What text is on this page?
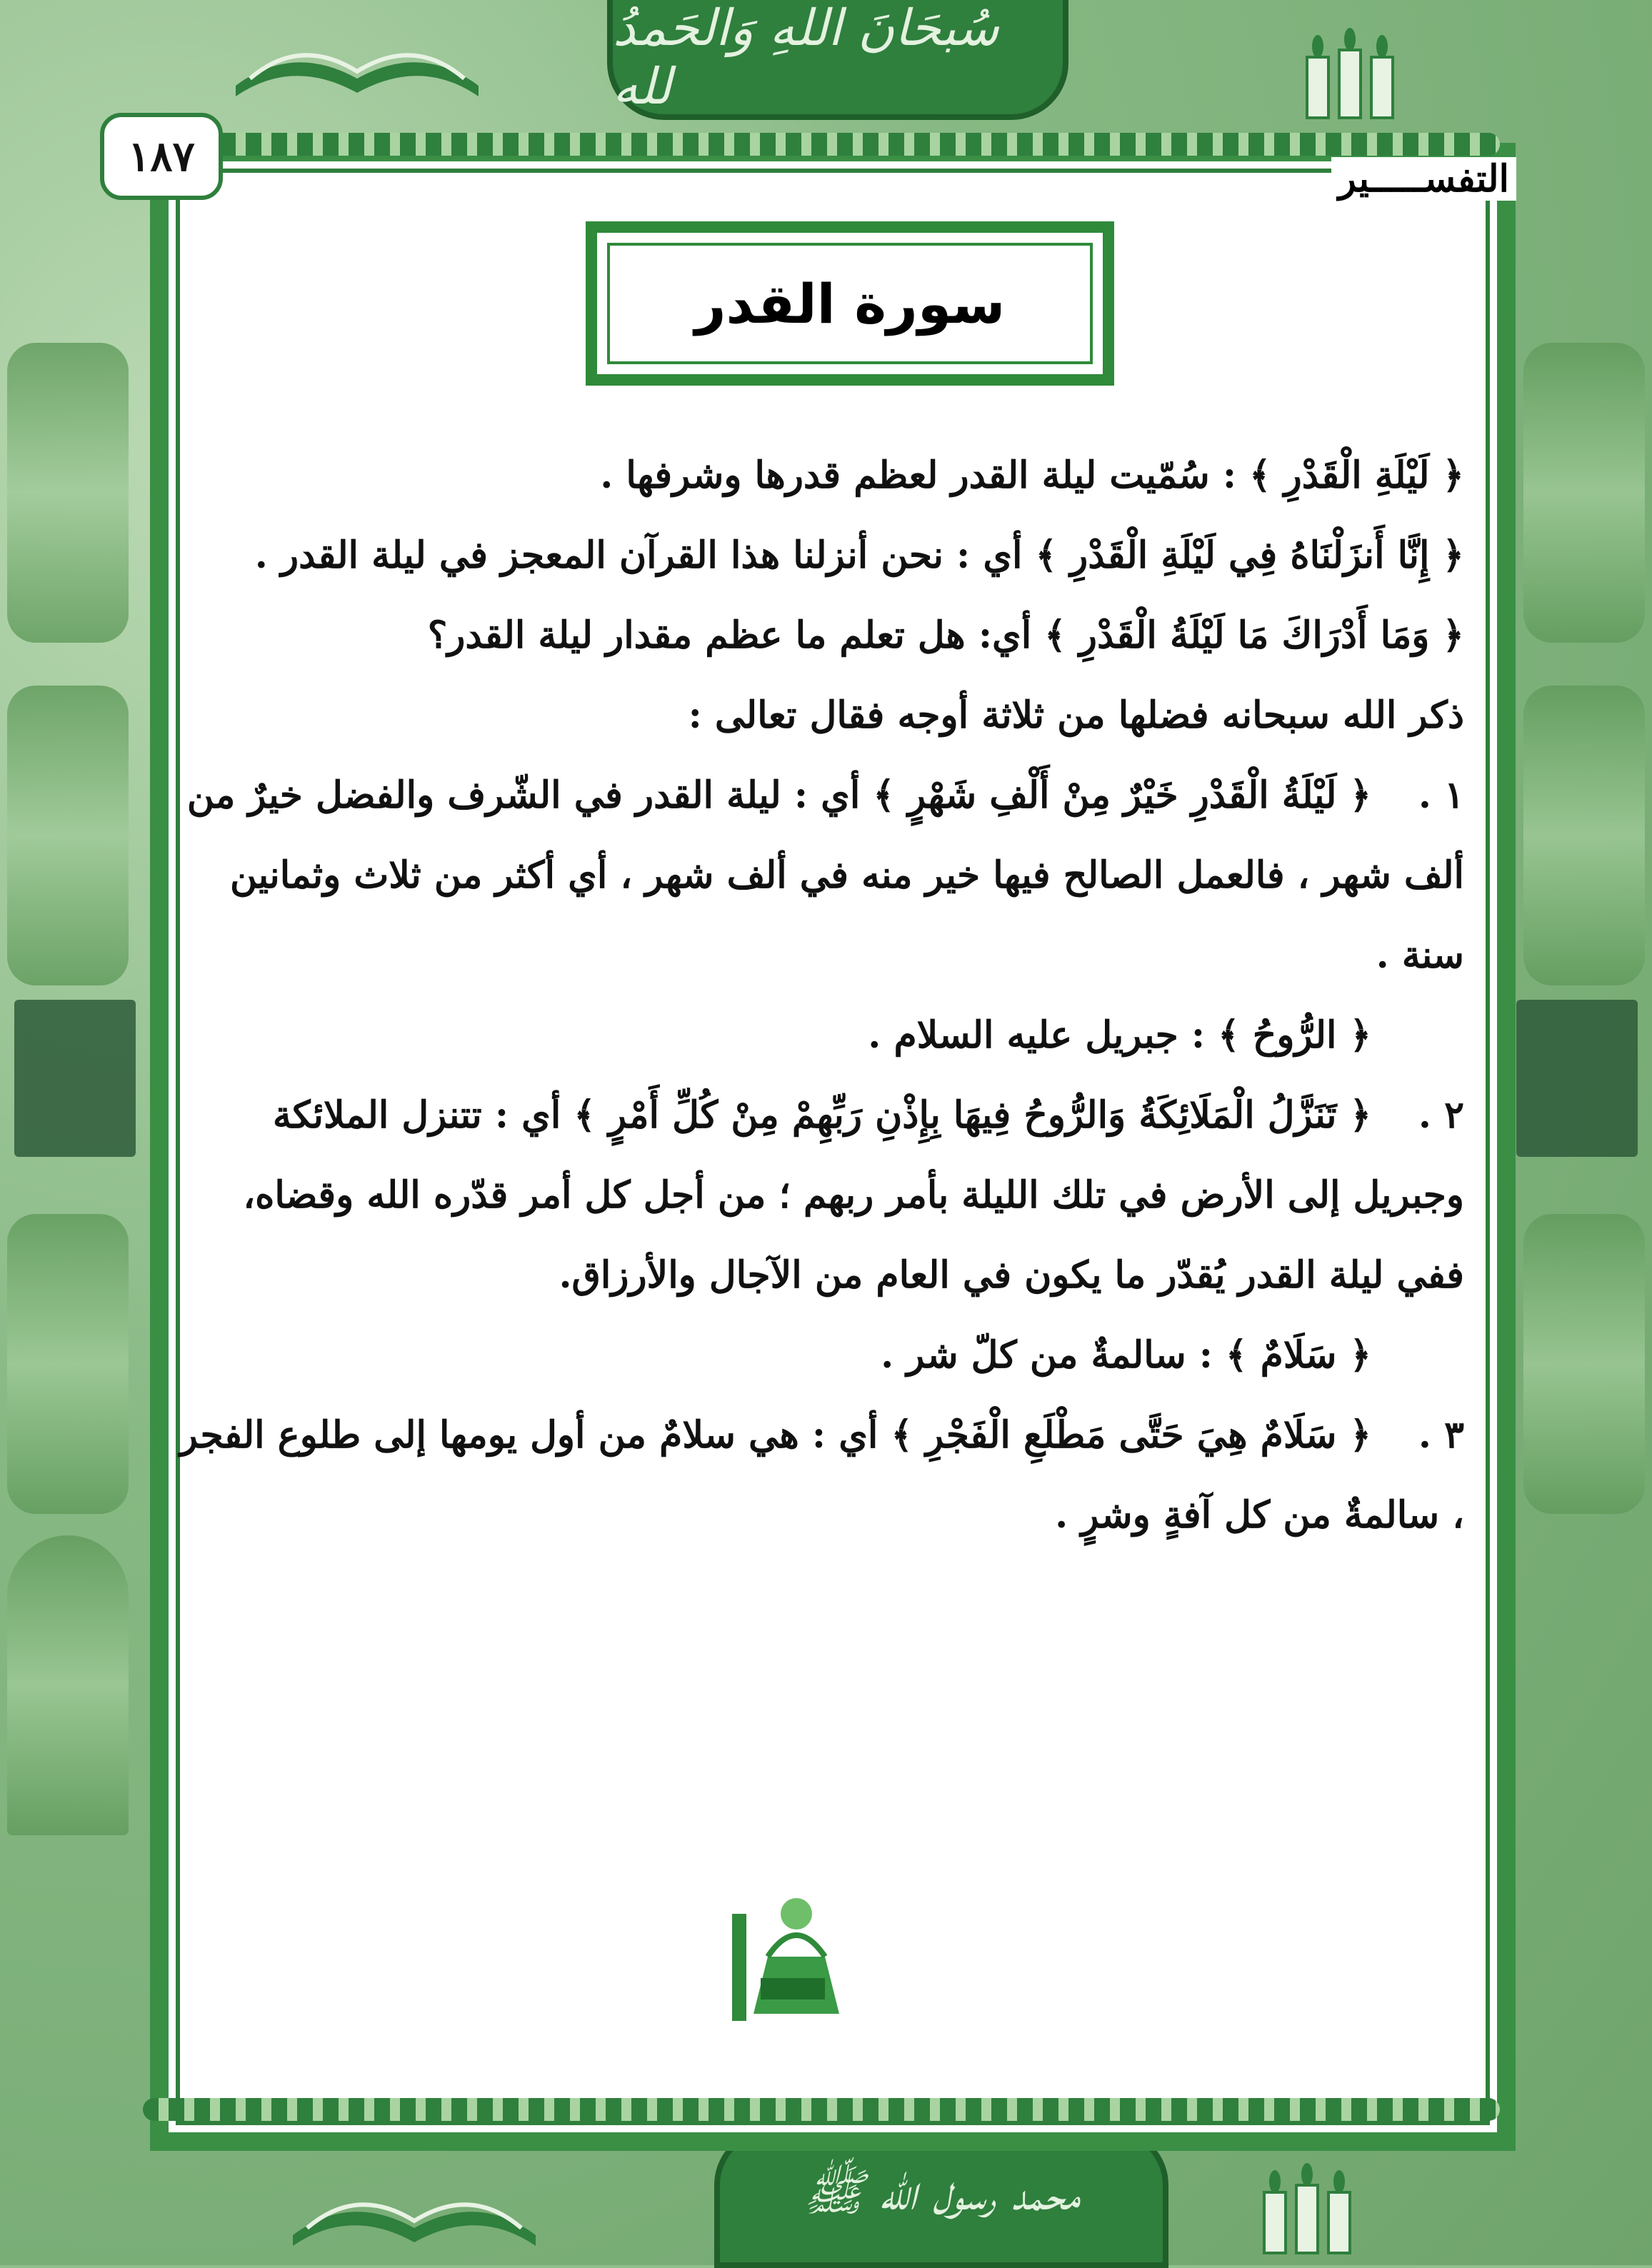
سُبحَانَ اللهِ وَالحَمدُ لله
محمد رسول الله ﷺ
١٨٧	التفســـــير
سورة القدر

﴿ لَيْلَةِ الْقَدْرِ ﴾ : سُمّيت ليلة القدر لعظم قدرها وشرفها .

﴿ إِنَّا أَنزَلْنَاهُ فِي لَيْلَةِ الْقَدْرِ ﴾ أي : نحن أنزلنا هذا القرآن المعجز في ليلة القدر .

﴿ وَمَا أَدْرَاكَ مَا لَيْلَةُ الْقَدْرِ ﴾ أي: هل تعلم ما عظم مقدار ليلة القدر؟

ذكر الله سبحانه فضلها من ثلاثة أوجه فقال تعالى :

١ .﴿ لَيْلَةُ الْقَدْرِ خَيْرٌ مِنْ أَلْفِ شَهْرٍ ﴾ أي : ليلة القدر في الشّرف والفضل خيرٌ من ألف شهر ، فالعمل الصالح فيها خير منه في ألف شهر ، أي أكثر من ثلاث وثمانين سنة .

﴿ الرُّوحُ ﴾ : جبريل عليه السلام .

٢ .﴿ تَنَزَّلُ الْمَلَائِكَةُ وَالرُّوحُ فِيهَا بِإِذْنِ رَبِّهِمْ مِنْ كُلِّ أَمْرٍ ﴾ أي : تتنزل الملائكة وجبريل إلى الأرض في تلك الليلة بأمر ربهم ؛ من أجل كل أمر قدّره الله وقضاه، ففي ليلة القدر يُقدّر ما يكون في العام من الآجال والأرزاق.

﴿ سَلَامٌ ﴾ : سالمةٌ من كلّ شر .

٣ .﴿ سَلَامٌ هِيَ حَتَّى مَطْلَعِ الْفَجْرِ ﴾ أي : هي سلامٌ من أول يومها إلى طلوع الفجر ، سالمةٌ من كل آفةٍ وشرٍ .
